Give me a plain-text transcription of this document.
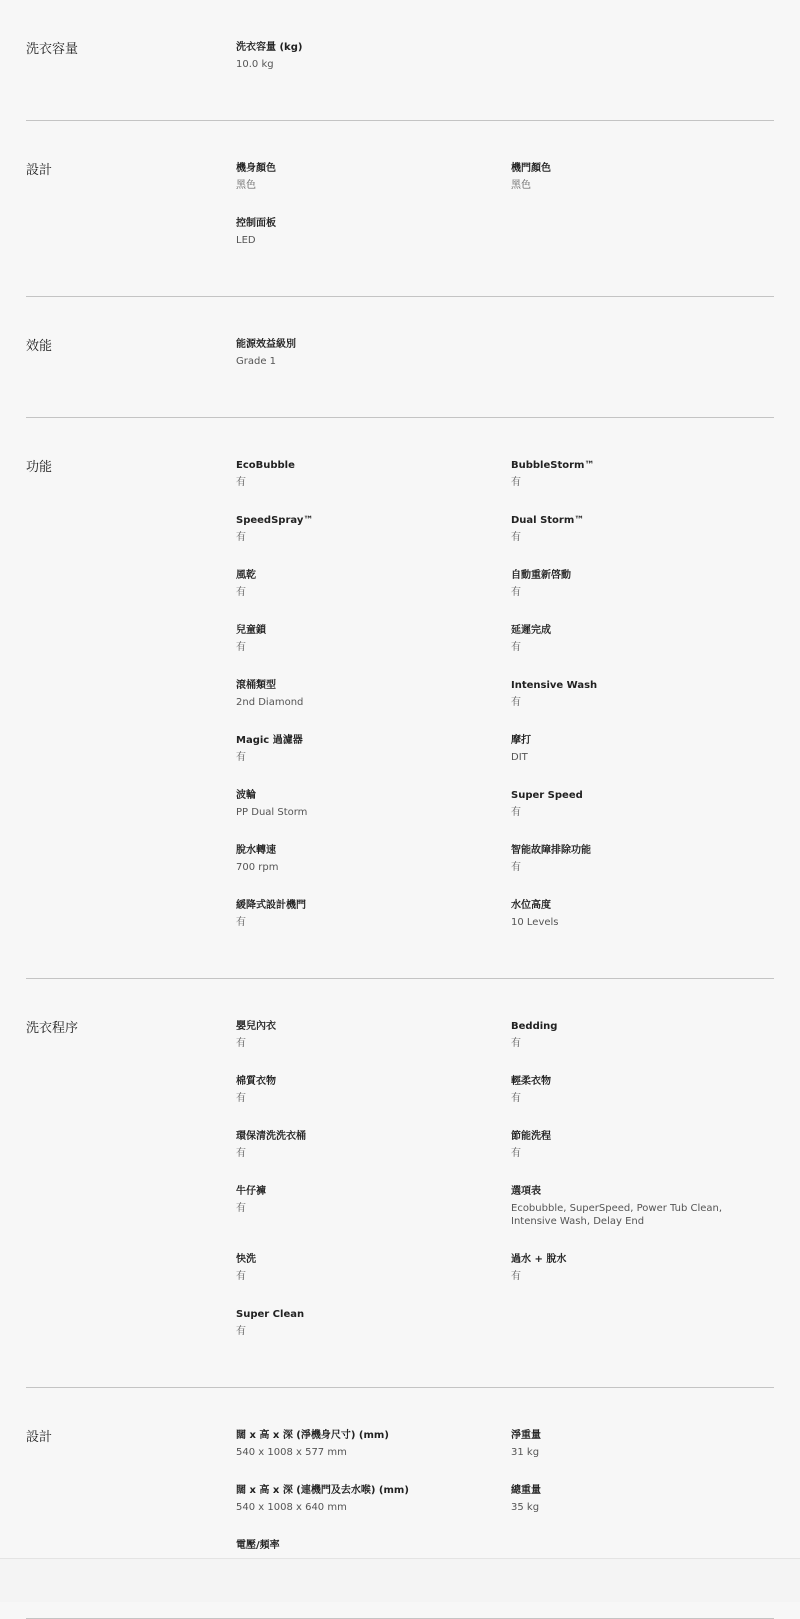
洗衣容量	洗衣容量 (kg)
10.0 kg
設計	機身顏色
黑色
機門顏色
黑色
控制面板
LED
效能	能源效益級別
Grade 1
功能	EcoBubble
有
BubbleStorm™
有
SpeedSpray™
有
Dual Storm™
有
風乾
有
自動重新啓動
有
兒童鎖
有
延遲完成
有
滾桶類型
2nd Diamond
Intensive Wash
有
Magic 過濾器
有
摩打
DIT
波輪
PP Dual Storm
Super Speed
有
脫水轉速
700 rpm
智能故障排除功能
有
緩降式設計機門
有
水位高度
10 Levels
洗衣程序	嬰兒內衣
有
Bedding
有
棉質衣物
有
輕柔衣物
有
環保清洗洗衣桶
有
節能洗程
有
牛仔褲
有
選項表
Ecobubble, SuperSpeed, Power Tub Clean, Intensive Wash, Delay End
快洗
有
過水 + 脫水
有
Super Clean
有
設計	闊 x 高 x 深 (淨機身尺寸) (mm)
540 x 1008 x 577 mm
淨重量
31 kg
闊 x 高 x 深 (連機門及去水喉) (mm)
540 x 1008 x 640 mm
總重量
35 kg
電壓/頻率
